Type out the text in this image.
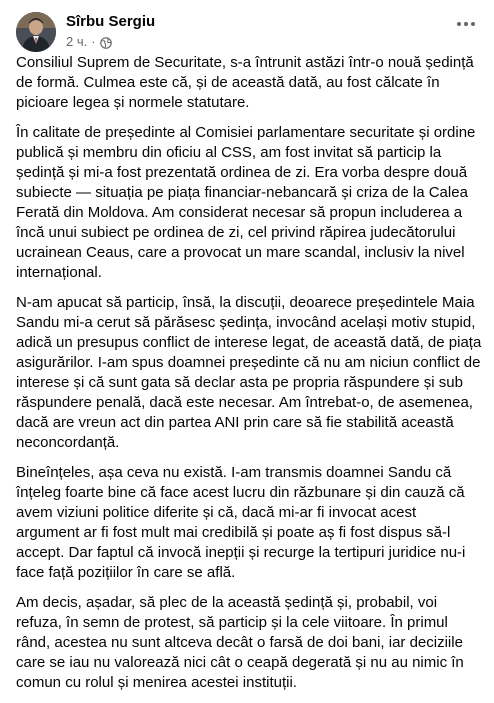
Sîrbu Sergiu
2 ч. ·

Consiliul Suprem de Securitate, s-a întrunit astăzi într-o nouă ședință de formă. Culmea este că, și de această dată, au fost călcate în picioare legea și normele statutare.

În calitate de președinte al Comisiei parlamentare securitate și ordine publică și membru din oficiu al CSS, am fost invitat să particip la ședință și mi-a fost prezentată ordinea de zi. Era vorba despre două subiecte — situația pe piața financiar-nebancară și criza de la Calea Ferată din Moldova. Am considerat necesar să propun includerea a încă unui subiect pe ordinea de zi, cel privind răpirea judecătorului ucrainean Ceaus, care a provocat un mare scandal, inclusiv la nivel internațional.

N-am apucat să particip, însă, la discuții, deoarece președintele Maia Sandu mi-a cerut să părăsesc ședința, invocând același motiv stupid, adică un presupus conflict de interese legat, de această dată, de piața asigurărilor. I-am spus doamnei președinte că nu am niciun conflict de interese și că sunt gata să declar asta pe propria răspundere și sub răspundere penală, dacă este necesar. Am întrebat-o, de asemenea, dacă are vreun act din partea ANI prin care să fie stabilită această neconcordanță.

Bineînțeles, așa ceva nu există. I-am transmis doamnei Sandu că înțeleg foarte bine că face acest lucru din răzbunare și din cauză că avem viziuni politice diferite și că, dacă mi-ar fi invocat acest argument ar fi fost mult mai credibilă și poate aș fi fost dispus să-l accept. Dar faptul că invocă inepții și recurge la tertipuri juridice nu-i face față pozițiilor în care se află.

Am decis, așadar, să plec de la această ședință și, probabil, voi refuza, în semn de protest, să particip și la cele viitoare. În primul rând, acestea nu sunt altceva decât o farsă de doi bani, iar deciziile care se iau nu valorează nici cât o ceapă degerată și nu au nimic în comun cu rolul și menirea acestei instituții.
